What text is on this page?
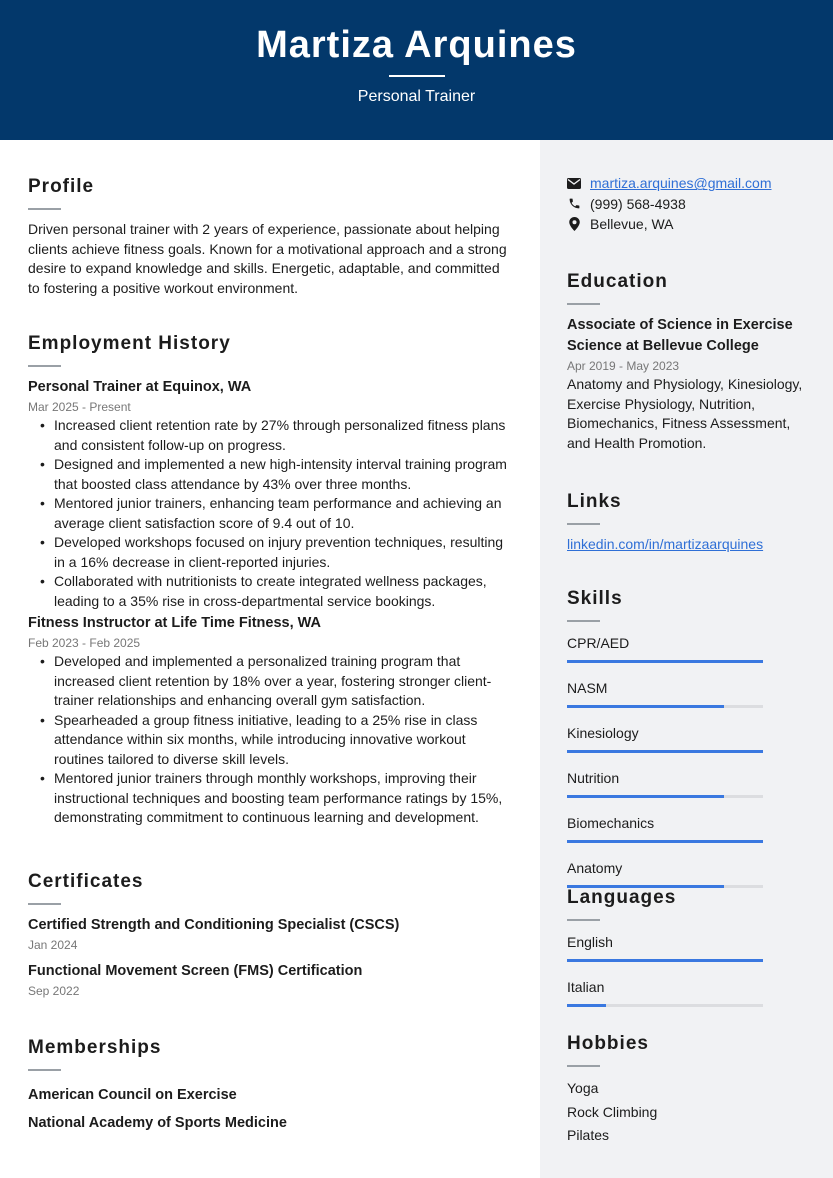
Martiza Arquines
Personal Trainer
Profile
Driven personal trainer with 2 years of experience, passionate about helping clients achieve fitness goals. Known for a motivational approach and a strong desire to expand knowledge and skills. Energetic, adaptable, and committed to fostering a positive workout environment.
Employment History
Personal Trainer at Equinox, WA
Mar 2025 - Present
• Increased client retention rate by 27% through personalized fitness plans and consistent follow-up on progress.
• Designed and implemented a new high-intensity interval training program that boosted class attendance by 43% over three months.
• Mentored junior trainers, enhancing team performance and achieving an average client satisfaction score of 9.4 out of 10.
• Developed workshops focused on injury prevention techniques, resulting in a 16% decrease in client-reported injuries.
• Collaborated with nutritionists to create integrated wellness packages, leading to a 35% rise in cross-departmental service bookings.
Fitness Instructor at Life Time Fitness, WA
Feb 2023 - Feb 2025
• Developed and implemented a personalized training program that increased client retention by 18% over a year, fostering stronger client-trainer relationships and enhancing overall gym satisfaction.
• Spearheaded a group fitness initiative, leading to a 25% rise in class attendance within six months, while introducing innovative workout routines tailored to diverse skill levels.
• Mentored junior trainers through monthly workshops, improving their instructional techniques and boosting team performance ratings by 15%, demonstrating commitment to continuous learning and development.
Certificates
Certified Strength and Conditioning Specialist (CSCS)
Jan 2024
Functional Movement Screen (FMS) Certification
Sep 2022
Memberships
American Council on Exercise
National Academy of Sports Medicine
martiza.arquines@gmail.com
(999) 568-4938
Bellevue, WA
Education
Associate of Science in Exercise Science at Bellevue College
Apr 2019 - May 2023
Anatomy and Physiology, Kinesiology, Exercise Physiology, Nutrition, Biomechanics, Fitness Assessment, and Health Promotion.
Links
linkedin.com/in/martizaarquines
Skills
CPR/AED
NASM
Kinesiology
Nutrition
Biomechanics
Anatomy
Languages
English
Italian
Hobbies
Yoga
Rock Climbing
Pilates
